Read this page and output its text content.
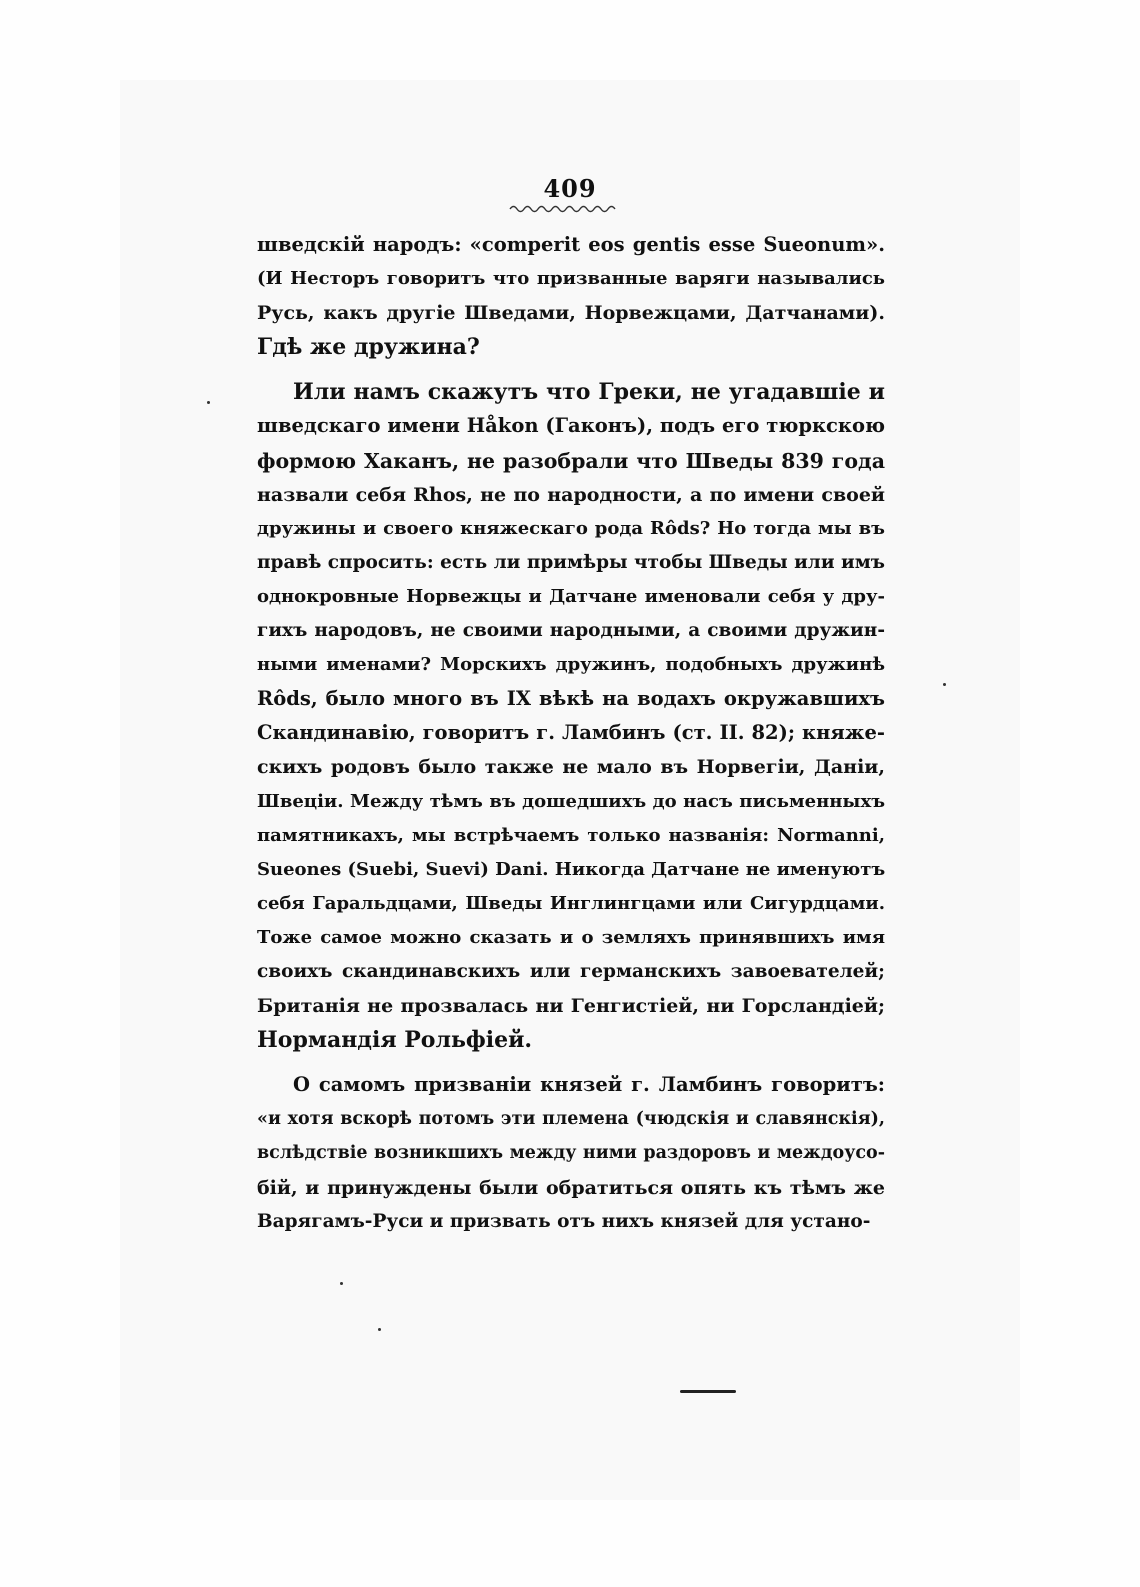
409
шведскій народъ: «comperit eos gentis esse Sueonum».
(И Несторъ говоритъ что призванные варяги назывались
Русь, какъ другіе Шведами, Норвежцами, Датчанами).
Гдѣ же дружина?
Или намъ скажутъ что Греки, не угадавшіе и
шведскаго имени Håkon (Гаконъ), подъ его тюркскою
формою Хаканъ, не разобрали что Шведы 839 года
назвали себя Rhos, не по народности, а по имени своей
дружины и своего княжескаго рода Rôds? Но тогда мы въ
правѣ спросить: есть ли примѣры чтобы Шведы или имъ
однокровные Норвежцы и Датчане именовали себя у дру-
гихъ народовъ, не своими народными, а своими дружин-
ными именами? Морскихъ дружинъ, подобныхъ дружинѣ
Rôds, было много въ IX вѣкѣ на водахъ окружавшихъ
Скандинавію, говоритъ г. Ламбинъ (ст. II. 82); княже-
скихъ родовъ было также не мало въ Норвегіи, Даніи,
Швеціи. Между тѣмъ въ дошедшихъ до насъ письменныхъ
памятникахъ, мы встрѣчаемъ только названія: Normanni,
Sueones (Suebi, Suevi) Dani. Никогда Датчане не именуютъ
себя Гаральдцами, Шведы Инглингцами или Сигурдцами.
Тоже самое можно сказать и о земляхъ принявшихъ имя
своихъ скандинавскихъ или германскихъ завоевателей;
Британія не прозвалась ни Генгистіей, ни Горсландіей;
Нормандія Рольфіей.
О самомъ призваніи князей г. Ламбинъ говоритъ:
«и хотя вскорѣ потомъ эти племена (чюдскія и славянскія),
вслѣдствіе возникшихъ между ними раздоровъ и междоусо-
бій, и принуждены были обратиться опять къ тѣмъ же
Варягамъ-Руси и призвать отъ нихъ князей для устано-
